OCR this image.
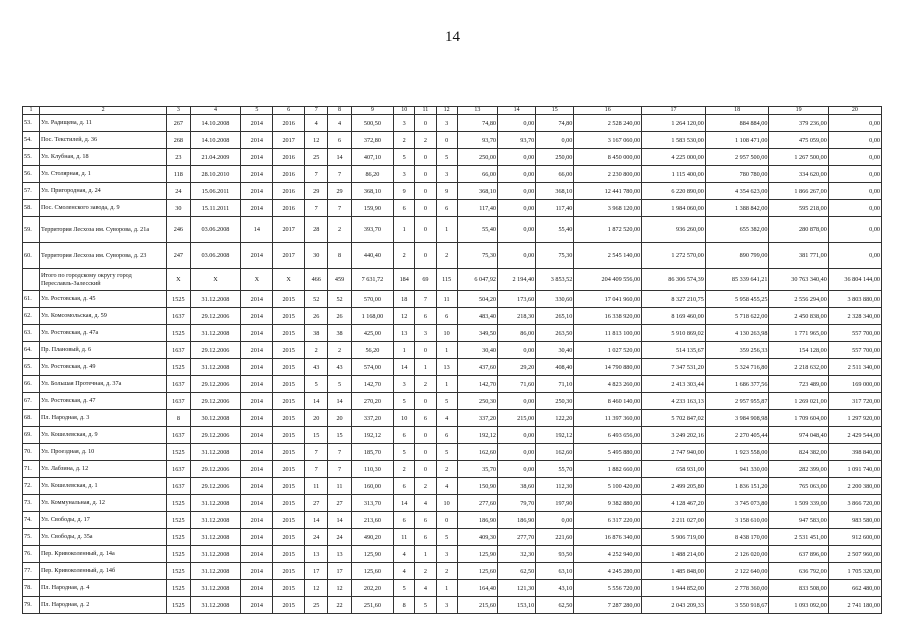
14
1	2	3	4	5	6	7	8	9	10	11	12	13	14	15	16	17	18	19	20
53.	Ул. Радищева, д. 11	267	14.10.2008	2014	2016	4	4	500,50	3	0	3	74,80	0,00	74,80	2 528 240,00	1 264 120,00	884 884,00	379 236,00	0,00
54.	Пос. Текстилей, д. 36	268	14.10.2008	2014	2017	12	6	372,80	2	2	0	93,70	93,70	0,00	3 167 060,00	1 583 530,00	1 108 471,00	475 059,00	0,00
55.	Ул. Клубная, д. 18	23	21.04.2009	2014	2016	25	14	407,10	5	0	5	250,00	0,00	250,00	8 450 000,00	4 225 000,00	2 957 500,00	1 267 500,00	0,00
56.	Ул. Столярная, д. 1	118	28.10.2010	2014	2016	7	7	86,20	3	0	3	66,00	0,00	66,00	2 230 800,00	1 115 400,00	780 780,00	334 620,00	0,00
57.	Ул. Пригородная, д. 24	24	15.06.2011	2014	2016	29	29	368,10	9	0	9	368,10	0,00	368,10	12 441 780,00	6 220 890,00	4 354 623,00	1 866 267,00	0,00
58.	Пос. Смоленского завода, д. 9	30	15.11.2011	2014	2016	7	7	159,90	6	0	6	117,40	0,00	117,40	3 968 120,00	1 984 060,00	1 388 842,00	595 218,00	0,00
59.	Территория Лесхоза им. Суворова, д. 21а	246	03.06.2008	14	2017	28	2	393,70	1	0	1	55,40	0,00	55,40	1 872 520,00	936 260,00	655 382,00	280 878,00	0,00
60.	Территория Лесхоза им. Суворова, д. 23	247	03.06.2008	2014	2017	30	8	440,40	2	0	2	75,30	0,00	75,30	2 545 140,00	1 272 570,00	890 799,00	381 771,00	0,00
	Итого по городскому округу город Переславль-Залесский	X	X	X	X	466	459	7 631,72	184	69	115	6 047,92	2 194,40	3 853,52	204 409 556,00	86 306 574,39	85 339 641,21	30 763 340,40	36 804 144,00
61.	Ул. Ростовская, д. 45	1525	31.12.2008	2014	2015	52	52	570,00	18	7	11	504,20	173,60	330,60	17 041 960,00	8 327 210,75	5 958 455,25	2 556 294,00	3 803 880,00
62.	Ул. Комсомольская, д. 59	1637	29.12.2006	2014	2015	26	26	1 168,00	12	6	6	483,40	218,30	265,10	16 338 920,00	8 169 460,00	5 718 622,00	2 450 838,00	2 328 340,00
63.	Ул. Ростовская, д. 47а	1525	31.12.2008	2014	2015	38	38	425,00	13	3	10	349,50	86,00	263,50	11 813 100,00	5 910 869,02	4 130 263,98	1 771 965,00	557 700,00
64.	Пр. Плановый, д. 6	1637	29.12.2006	2014	2015	2	2	56,20	1	0	1	30,40	0,00	30,40	1 027 520,00	514 135,67	359 256,33	154 128,00	557 700,00
65.	Ул. Ростовская, д. 49	1525	31.12.2008	2014	2015	43	43	574,00	14	1	13	437,60	29,20	408,40	14 790 880,00	7 347 531,20	5 324 716,80	2 218 632,00	2 511 340,00
66.	Ул. Большая Протечная, д. 37а	1637	29.12.2006	2014	2015	5	5	142,70	3	2	1	142,70	71,60	71,10	4 823 260,00	2 413 303,44	1 686 377,56	723 489,00	169 000,00
67.	Ул. Ростовская, д. 47	1637	29.12.2006	2014	2015	14	14	270,20	5	0	5	250,30	0,00	250,30	8 460 140,00	4 233 163,13	2 957 955,87	1 269 021,00	317 720,00
68.	Пл. Народная, д. 3	8	30.12.2008	2014	2015	20	20	337,20	10	6	4	337,20	215,00	122,20	11 397 360,00	5 702 847,02	3 984 908,98	1 709 604,00	1 297 920,00
69.	Ул. Кошелевская, д. 9	1637	29.12.2006	2014	2015	15	15	192,12	6	0	6	192,12	0,00	192,12	6 493 656,00	3 249 202,16	2 270 405,44	974 048,40	2 429 544,00
70.	Ул. Проездная, д. 10	1525	31.12.2008	2014	2015	7	7	185,70	5	0	5	162,60	0,00	162,60	5 495 880,00	2 747 940,00	1 923 558,00	824 382,00	398 840,00
71.	Ул. Лабзина, д. 12	1637	29.12.2006	2014	2015	7	7	110,30	2	0	2	35,70	0,00	55,70	1 882 660,00	658 931,00	941 330,00	282 399,00	1 091 740,00
72.	Ул. Кошелевская, д. 1	1637	29.12.2006	2014	2015	11	11	160,00	6	2	4	150,90	38,60	112,30	5 100 420,00	2 499 205,80	1 836 151,20	765 063,00	2 200 380,00
73.	Ул. Коммунальная, д. 12	1525	31.12.2008	2014	2015	27	27	313,70	14	4	10	277,60	79,70	197,90	9 382 880,00	4 128 467,20	3 745 073,80	1 509 339,00	3 866 720,00
74.	Ул. Свободы, д. 17	1525	31.12.2008	2014	2015	14	14	213,60	6	6	0	186,90	186,90	0,00	6 317 220,00	2 211 027,00	3 158 610,00	947 583,00	983 580,00
75.	Ул. Свободы, д. 35а	1525	31.12.2008	2014	2015	24	24	490,20	11	6	5	409,30	277,70	221,60	16 876 340,00	5 906 719,00	8 438 170,00	2 531 451,00	912 600,00
76.	Пер. Кривоколенный, д. 14а	1525	31.12.2008	2014	2015	13	13	125,90	4	1	3	125,90	32,30	93,50	4 252 940,00	1 488 214,00	2 126 020,00	637 896,00	2 507 960,00
77.	Пер. Кривоколенный, д. 14б	1525	31.12.2008	2014	2015	17	17	125,60	4	2	2	125,60	62,50	63,10	4 245 280,00	1 485 848,00	2 122 640,00	636 792,00	1 705 320,00
78.	Пл. Народная, д. 4	1525	31.12.2008	2014	2015	12	12	202,20	5	4	1	164,40	121,30	43,10	5 556 720,00	1 944 852,00	2 778 360,00	833 508,00	662 480,00
79.	Пл. Народная, д. 2	1525	31.12.2008	2014	2015	25	22	251,60	8	5	3	215,60	153,10	62,50	7 287 280,00	2 043 209,33	3 550 918,67	1 093 092,00	2 741 180,00
